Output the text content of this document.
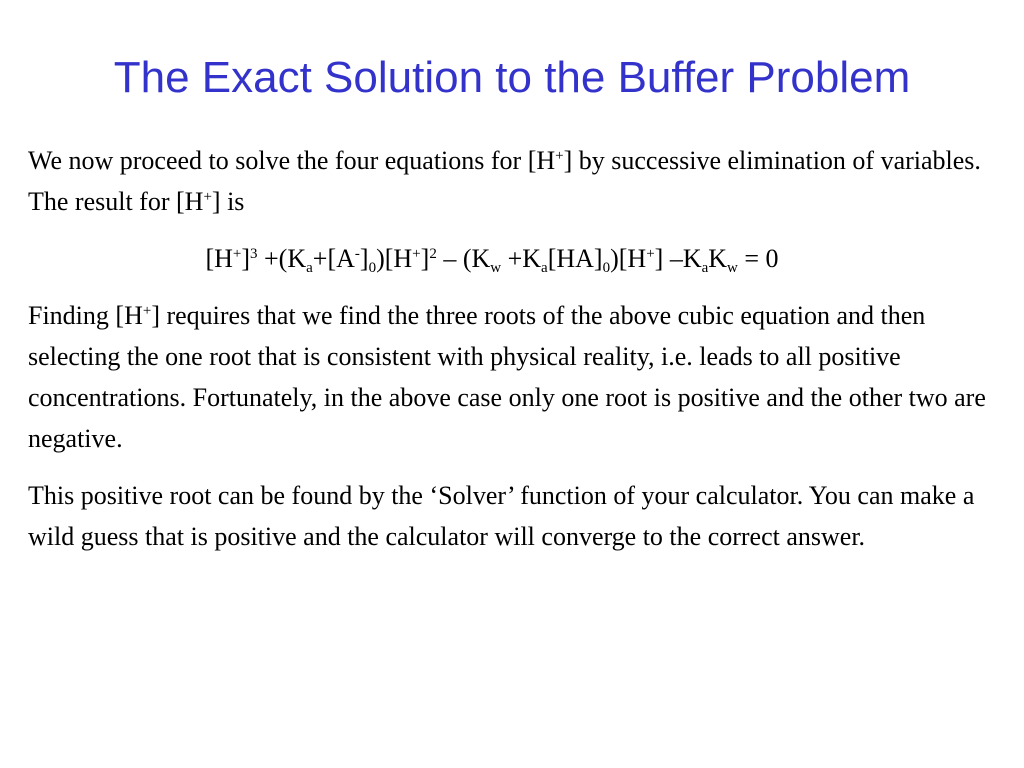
The Exact Solution to the Buffer Problem

We now proceed to solve the four equations for [H+] by successive elimination of variables. The result for [H+] is

$[H^+]^3 +(K_a+[A^-]_0)[H^+]^2 - (K_w +K_a[HA]_0)[H^+] -K_aK_w = 0$

Finding [H+] requires that we find the three roots of the above cubic equation and then selecting the one root that is consistent with physical reality, i.e. leads to all positive concentrations. Fortunately, in the above case only one root is positive and the other two are negative.

This positive root can be found by the ‘Solver’ function of your calculator. You can make a wild guess that is positive and the calculator will converge to the correct answer.
